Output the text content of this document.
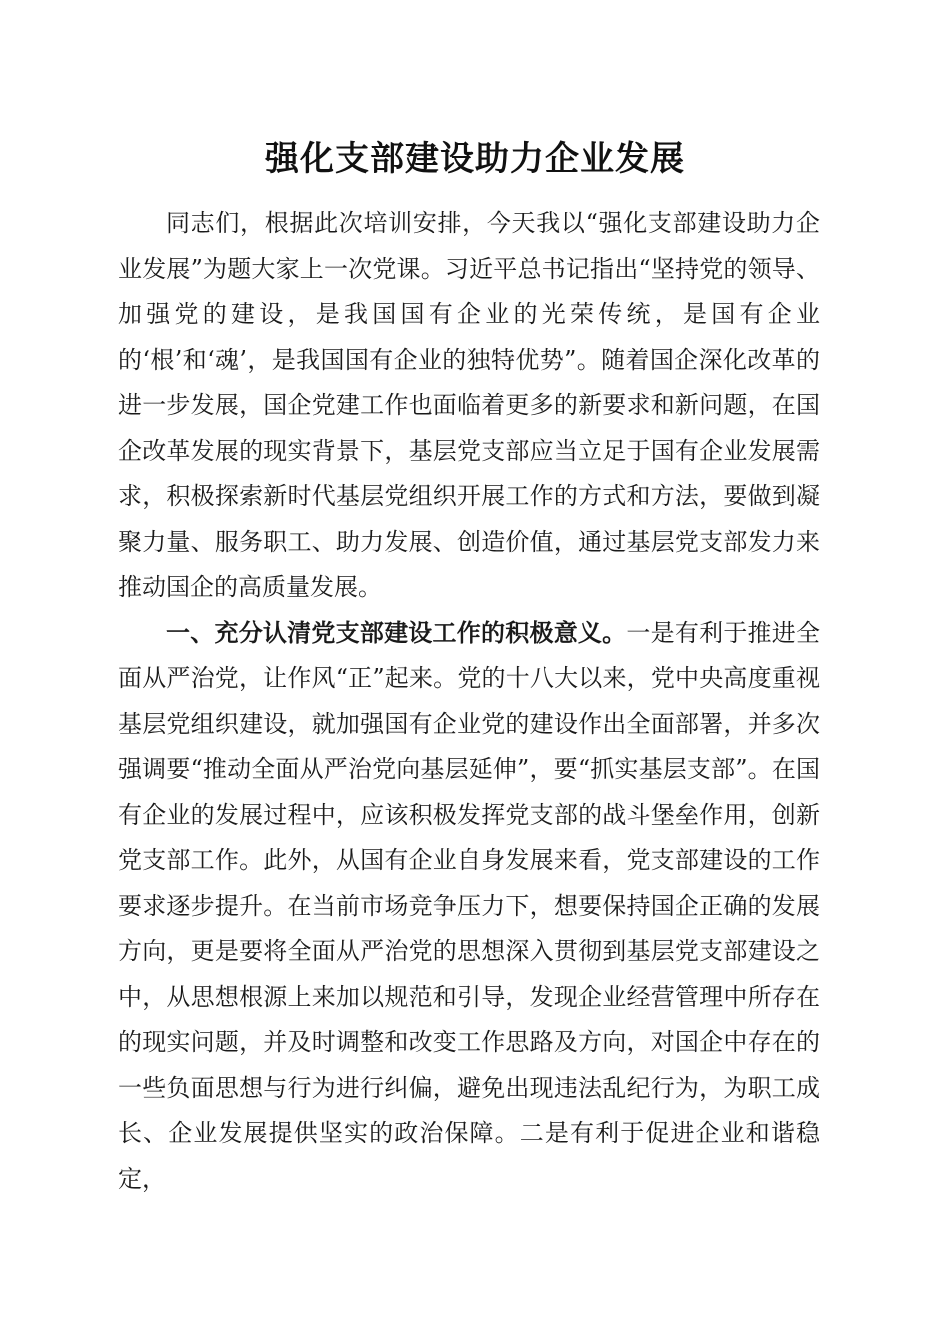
强化支部建设助力企业发展

同志们，根据此次培训安排，今天我以“强化支部建设助力企业发展”为题大家上一次党课。习近平总书记指出“坚持党的领导、加强党的建设，是我国国有企业的光荣传统，是国有企业的‘根’和‘魂’，是我国国有企业的独特优势”。随着国企深化改革的进一步发展，国企党建工作也面临着更多的新要求和新问题，在国企改革发展的现实背景下，基层党支部应当立足于国有企业发展需求，积极探索新时代基层党组织开展工作的方式和方法，要做到凝聚力量、服务职工、助力发展、创造价值，通过基层党支部发力来推动国企的高质量发展。

一、充分认清党支部建设工作的积极意义。一是有利于推进全面从严治党，让作风“正”起来。党的十八大以来，党中央高度重视基层党组织建设，就加强国有企业党的建设作出全面部署，并多次强调要“推动全面从严治党向基层延伸”，要“抓实基层支部”。在国有企业的发展过程中，应该积极发挥党支部的战斗堡垒作用，创新党支部工作。此外，从国有企业自身发展来看，党支部建设的工作要求逐步提升。在当前市场竞争压力下，想要保持国企正确的发展方向，更是要将全面从严治党的思想深入贯彻到基层党支部建设之中，从思想根源上来加以规范和引导，发现企业经营管理中所存在的现实问题，并及时调整和改变工作思路及方向，对国企中存在的一些负面思想与行为进行纠偏，避免出现违法乱纪行为，为职工成长、企业发展提供坚实的政治保障。二是有利于促进企业和谐稳定，
